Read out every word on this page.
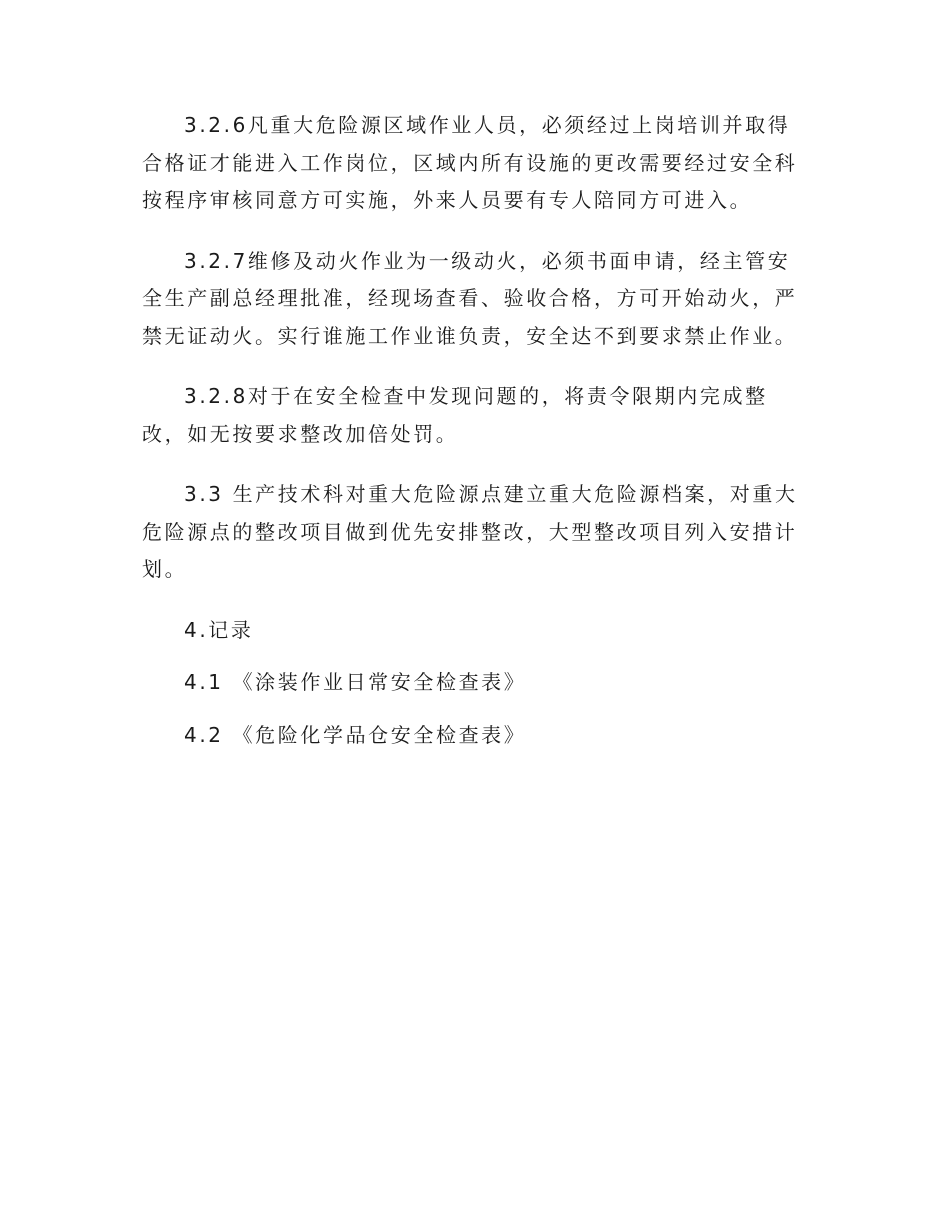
3.2.6凡重大危险源区域作业人员，必须经过上岗培训并取得合格证才能进入工作岗位，区域内所有设施的更改需要经过安全科按程序审核同意方可实施，外来人员要有专人陪同方可进入。

3.2.7维修及动火作业为一级动火，必须书面申请，经主管安全生产副总经理批准，经现场查看、验收合格，方可开始动火，严禁无证动火。实行谁施工作业谁负责，安全达不到要求禁止作业。

3.2.8对于在安全检查中发现问题的，将责令限期内完成整改，如无按要求整改加倍处罚。

3.3 生产技术科对重大危险源点建立重大危险源档案，对重大危险源点的整改项目做到优先安排整改，大型整改项目列入安措计划。

4.记录

4.1 《涂装作业日常安全检查表》

4.2 《危险化学品仓安全检查表》
